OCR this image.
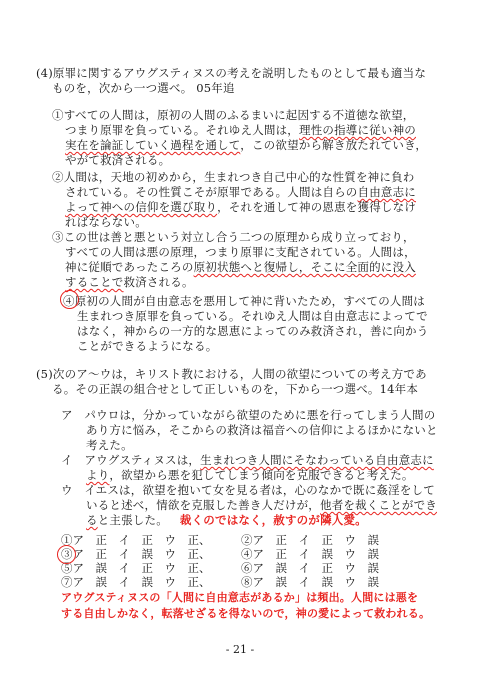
(4)原罪に関するアウグスティヌスの考えを説明したものとして最も適当な
ものを，次から一つ選べ。 05年追
①すべての人間は，原初の人間のふるまいに起因する不道徳な欲望，
つまり原罪を負っている。それゆえ人間は，理性の指導に従い神の
実在を論証していく過程を通して，この欲望から解き放たれていき，
やがて救済される。
②人間は，天地の初めから，生まれつき自己中心的な性質を神に負わ
されている。その性質こそが原罪である。人間は自らの自由意志に
よって神への信仰を選び取り，それを通して神の恩恵を獲得しなけ
ればならない。
③この世は善と悪という対立し合う二つの原理から成り立っており，
すべての人間は悪の原理，つまり原罪に支配されている。人間は，
神に従順であったころの原初状態へと復帰し，そこに全面的に没入
することで救済される。
④原初の人間が自由意志を悪用して神に背いたため，すべての人間は
生まれつき原罪を負っている。それゆえ人間は自由意志によってで
はなく，神からの一方的な恩恵によってのみ救済され，善に向かう
ことができるようになる。
(5)次のア～ウは，キリスト教における，人間の欲望についての考え方であ
る。その正誤の組合せとして正しいものを，下から一つ選べ。14年本
ア　パウロは，分かっていながら欲望のために悪を行ってしまう人間の
あり方に悩み，そこからの救済は福音への信仰によるほかにないと
考えた。
イ　アウグスティヌスは，生まれつき人間にそなわっている自由意志に
より，欲望から悪を犯してしまう傾向を克服できると考えた。
ウ　イエスは，欲望を抱いて女を見る者は，心のなかで既に姦淫をして
いると述べ，情欲を克服した善き人だけが，他者を裁くことができ
ると主張した。 裁くのではなく，赦すのが隣人愛。
①ア　正　イ　正　ウ　正、	②ア　正　イ　正　ウ　誤
③ア　正　イ　誤　ウ　正、	④ア　正　イ　誤　ウ　誤
⑤ア　誤　イ　正　ウ　正、	⑥ア　誤　イ　正　ウ　誤
⑦ア　誤　イ　誤　ウ　正、	⑧ア　誤　イ　誤　ウ　誤
アウグスティヌスの「人間に自由意志があるか」は頻出。人間には悪を
する自由しかなく，転落せざるを得ないので，神の愛によって救われる。
- 21 -
